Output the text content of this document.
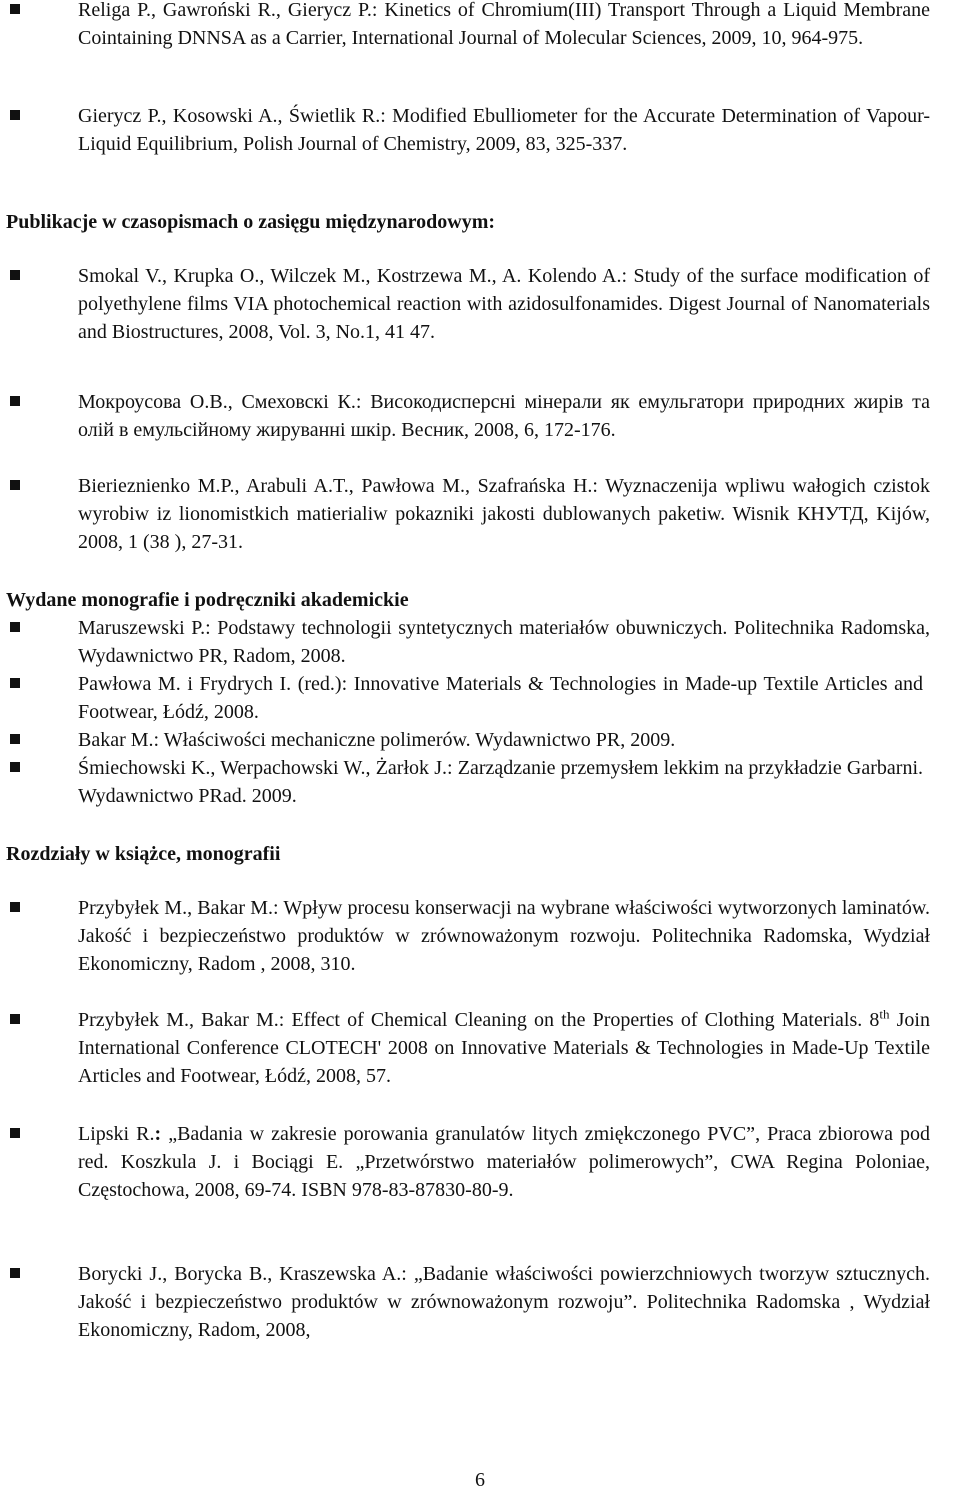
Religa P., Gawroński R., Gierycz P.: Kinetics of Chromium(III) Transport Through a Liquid Membrane Cointaining DNNSA as a Carrier, International Journal of Molecular Sciences, 2009, 10, 964-975.

Gierycz P., Kosowski A., Świetlik R.: Modified Ebulliometer for the Accurate Determination of Vapour-Liquid Equilibrium, Polish Journal of Chemistry, 2009, 83, 325-337.

Publikacje w czasopismach o zasięgu międzynarodowym:

Smokal V., Krupka O., Wilczek M., Kostrzewa M., A. Kolendo A.: Study of the surface modification of polyethylene films VIA photochemical reaction with azidosulfonamides. Digest Journal of Nanomaterials and Biostructures, 2008, Vol. 3, No.1, 41 47.

Мокроусова О.В., Смеховскі К.: Високодисперсні мінерали як емульгатори природних жирів та олій в емульсійному жируванні шкір. Весник, 2008, 6, 172-176.

Bierieznienko M.P., Arabuli A.T., Pawłowa M., Szafrańska H.: Wyznaczenija wpliwu wałogich czistok wyrobiw iz lionomistkich matierialiw pokazniki jakosti dublowanych paketiw. Wisnik КНУТД, Kijów, 2008, 1 (38 ), 27-31.

Wydane monografie i podręczniki akademickie

Maruszewski P.: Podstawy technologii syntetycznych materiałów obuwniczych. Politechnika Radomska, Wydawnictwo PR, Radom, 2008.

Pawłowa M. i Frydrych I. (red.): Innovative Materials & Technologies in Made-up Textile Articles and Footwear, Łódź, 2008.

Bakar M.: Właściwości mechaniczne polimerów. Wydawnictwo PR, 2009.

Śmiechowski K., Werpachowski W., Żarłok J.: Zarządzanie przemysłem lekkim na przykładzie Garbarni. Wydawnictwo PRad. 2009.

Rozdziały w książce, monografii

Przybyłek M., Bakar M.: Wpływ procesu konserwacji na wybrane właściwości wytworzonych laminatów. Jakość i bezpieczeństwo produktów w zrównoważonym rozwoju. Politechnika Radomska, Wydział Ekonomiczny, Radom , 2008, 310.

Przybyłek M., Bakar M.: Effect of Chemical Cleaning on the Properties of Clothing Materials. 8th Join International Conference CLOTECH' 2008 on Innovative Materials & Technologies in Made-Up Textile Articles and Footwear, Łódź, 2008, 57.

Lipski R.: „Badania w zakresie porowania granulatów litych zmiękczonego PVC”, Praca zbiorowa pod red. Koszkula J. i Bociągi E. „Przetwórstwo materiałów polimerowych”, CWA Regina Poloniae, Częstochowa, 2008, 69-74. ISBN 978-83-87830-80-9.

Borycki J., Borycka B., Kraszewska A.: „Badanie właściwości powierzchniowych tworzyw sztucznych. Jakość i bezpieczeństwo produktów w zrównoważonym rozwoju”. Politechnika Radomska , Wydział Ekonomiczny, Radom, 2008,

6
